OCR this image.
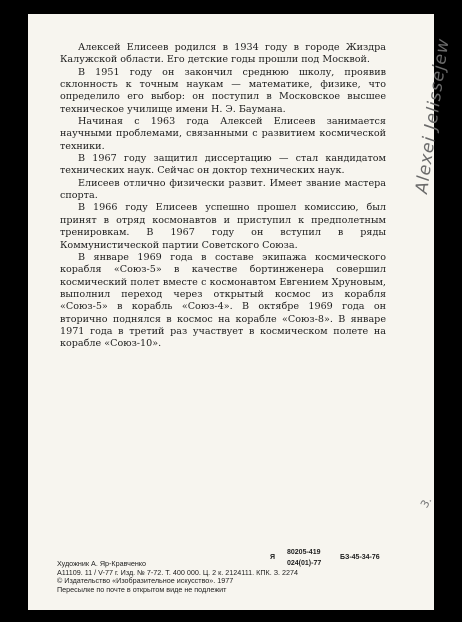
Алексей Елисеев родился в 1934 году в городе Жиздра Калужской области. Его детские годы прошли под Москвой.

В 1951 году он закончил среднюю школу, проявив склонность к точным наукам — математике, физике, что определило его выбор: он поступил в Московское высшее техническое училище имени Н. Э. Баумана.

Начиная с 1963 года Алексей Елисеев занимается научными проблемами, связанными с развитием космической техники.

В 1967 году защитил диссертацию — стал кандидатом технических наук. Сейчас он доктор технических наук.

Елисеев отлично физически развит. Имеет звание мастера спорта.

В 1966 году Елисеев успешно прошел комиссию, был принят в отряд космонавтов и приступил к предполетным тренировкам. В 1967 году он вступил в ряды Коммунистической партии Советского Союза.

В январе 1969 года в составе экипажа космического корабля «Союз-5» в качестве бортинженера совершил космический полет вместе с космонавтом Евгением Хруновым, выполнил переход через открытый космос из корабля «Союз-5» в корабль «Союз-4». В октябре 1969 года он вторично поднялся в космос на корабле «Союз-8». В январе 1971 года в третий раз участвует в космическом полете на корабле «Союз-10».

Alexei Jelissejew
3.
Художник А. Яр-Кравченко
А11109. 11 / V-77 г. Изд. № 7-72. Т. 400 000. Ц. 2 к. 2124111. КПК. З. 2274
© Издательство «Изобразительное искусство». 1977
Пересылке по почте в открытом виде не подлежит
80205-419
Я
024(01)-77
БЗ-45-34-76
